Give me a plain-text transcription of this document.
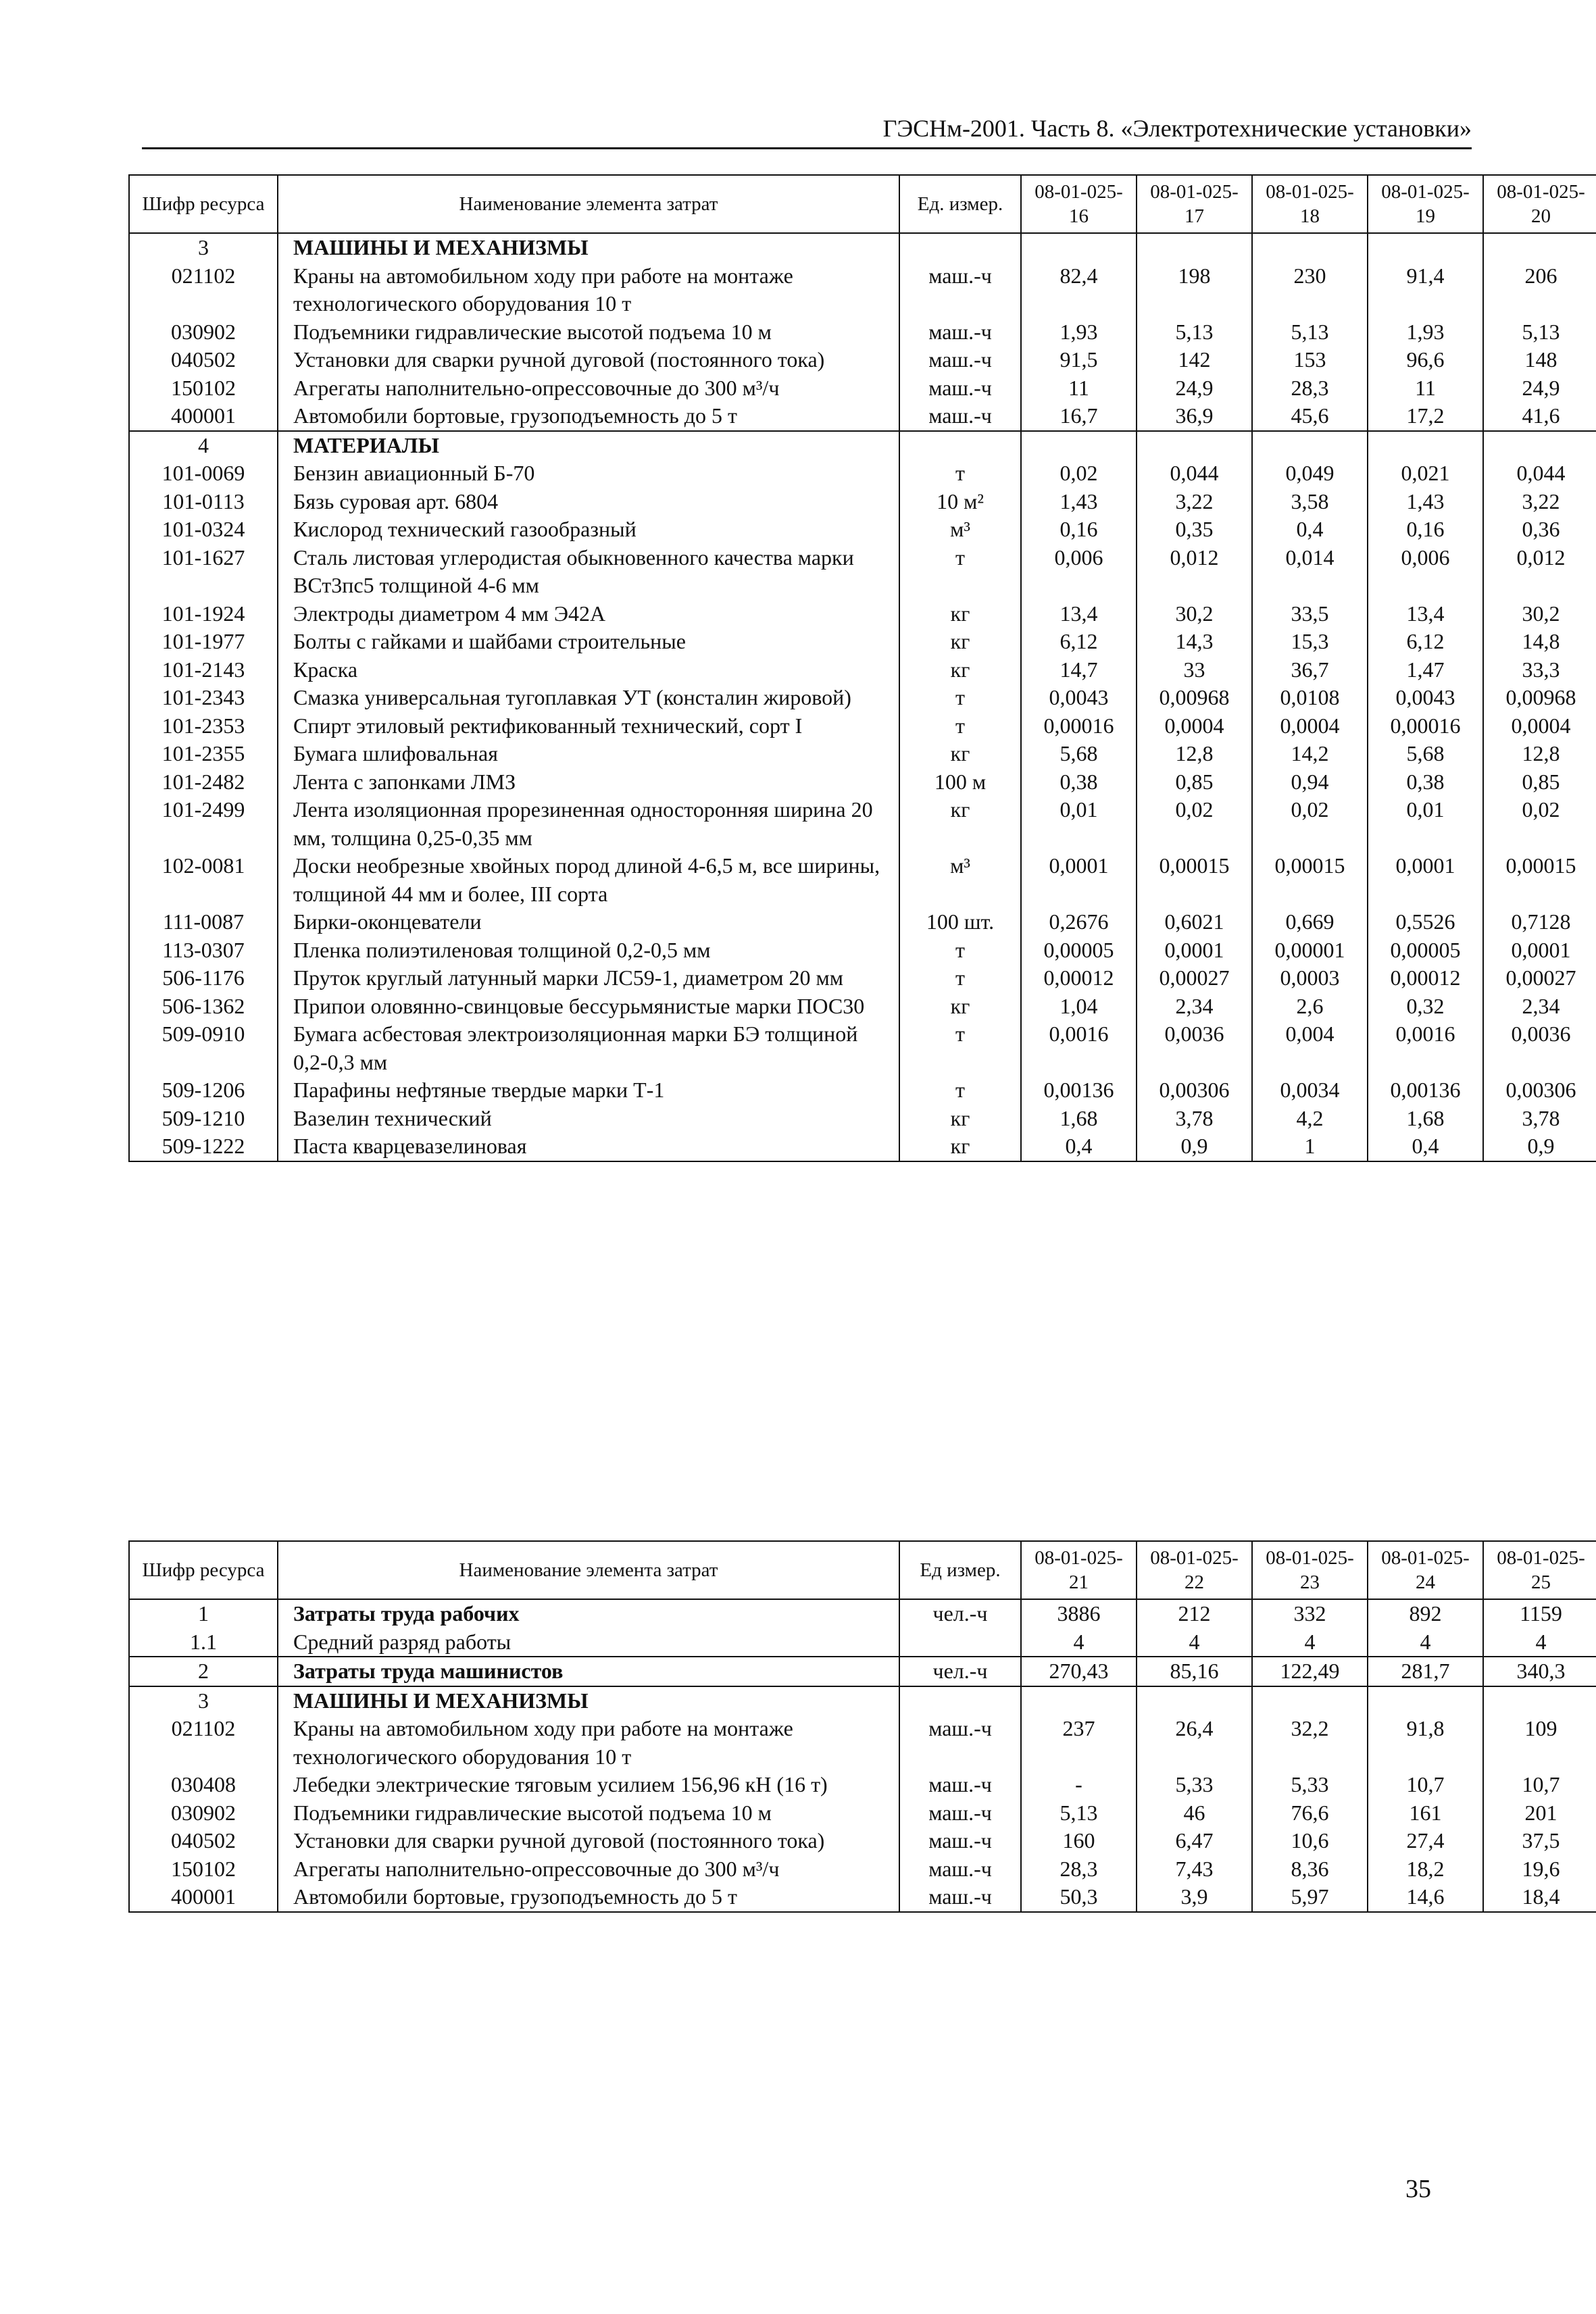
ГЭСНм-2001. Часть 8. «Электротехнические установки»
Шифр ресурса	Наименование элемента затрат	Ед. измер.	08-01-025-16	08-01-025-17	08-01-025-18	08-01-025-19	08-01-025-20
3	МАШИНЫ И МЕХАНИЗМЫ						
021102	Краны на автомобильном ходу при работе на монтаже технологического оборудования 10 т	маш.-ч	82,4	198	230	91,4	206
030902	Подъемники гидравлические высотой подъема 10 м	маш.-ч	1,93	5,13	5,13	1,93	5,13
040502	Установки для сварки ручной дуговой (постоянного тока)	маш.-ч	91,5	142	153	96,6	148
150102	Агрегаты наполнительно-опрессовочные до 300 м³/ч	маш.-ч	11	24,9	28,3	11	24,9
400001	Автомобили бортовые, грузоподъемность до 5 т	маш.-ч	16,7	36,9	45,6	17,2	41,6
4	МАТЕРИАЛЫ						
101-0069	Бензин авиационный Б-70	т	0,02	0,044	0,049	0,021	0,044
101-0113	Бязь суровая арт. 6804	10 м²	1,43	3,22	3,58	1,43	3,22
101-0324	Кислород технический газообразный	м³	0,16	0,35	0,4	0,16	0,36
101-1627	Сталь листовая углеродистая обыкновенного качества марки ВСт3пс5 толщиной 4-6 мм	т	0,006	0,012	0,014	0,006	0,012
101-1924	Электроды диаметром 4 мм Э42А	кг	13,4	30,2	33,5	13,4	30,2
101-1977	Болты с гайками и шайбами строительные	кг	6,12	14,3	15,3	6,12	14,8
101-2143	Краска	кг	14,7	33	36,7	1,47	33,3
101-2343	Смазка универсальная тугоплавкая УТ (консталин жировой)	т	0,0043	0,00968	0,0108	0,0043	0,00968
101-2353	Спирт этиловый ректификованный технический, сорт I	т	0,00016	0,0004	0,0004	0,00016	0,0004
101-2355	Бумага шлифовальная	кг	5,68	12,8	14,2	5,68	12,8
101-2482	Лента с запонками ЛМЗ	100 м	0,38	0,85	0,94	0,38	0,85
101-2499	Лента изоляционная прорезиненная односторонняя ширина 20 мм, толщина 0,25-0,35 мм	кг	0,01	0,02	0,02	0,01	0,02
102-0081	Доски необрезные хвойных пород длиной 4-6,5 м, все ширины, толщиной 44 мм и более, III сорта	м³	0,0001	0,00015	0,00015	0,0001	0,00015
111-0087	Бирки-оконцеватели	100 шт.	0,2676	0,6021	0,669	0,5526	0,7128
113-0307	Пленка полиэтиленовая толщиной 0,2-0,5 мм	т	0,00005	0,0001	0,00001	0,00005	0,0001
506-1176	Пруток круглый латунный марки ЛС59-1, диаметром 20 мм	т	0,00012	0,00027	0,0003	0,00012	0,00027
506-1362	Припои оловянно-свинцовые бессурьмянистые марки ПОС30	кг	1,04	2,34	2,6	0,32	2,34
509-0910	Бумага асбестовая электроизоляционная марки БЭ толщиной 0,2-0,3 мм	т	0,0016	0,0036	0,004	0,0016	0,0036
509-1206	Парафины нефтяные твердые марки Т-1	т	0,00136	0,00306	0,0034	0,00136	0,00306
509-1210	Вазелин технический	кг	1,68	3,78	4,2	1,68	3,78
509-1222	Паста кварцевазелиновая	кг	0,4	0,9	1	0,4	0,9
Шифр ресурса	Наименование элемента затрат	Ед измер.	08-01-025-21	08-01-025-22	08-01-025-23	08-01-025-24	08-01-025-25
1	Затраты труда рабочих	чел.-ч	3886	212	332	892	1159
1.1	Средний разряд работы		4	4	4	4	4
2	Затраты труда машинистов	чел.-ч	270,43	85,16	122,49	281,7	340,3
3	МАШИНЫ И МЕХАНИЗМЫ						
021102	Краны на автомобильном ходу при работе на монтаже технологического оборудования 10 т	маш.-ч	237	26,4	32,2	91,8	109
030408	Лебедки электрические тяговым усилием 156,96 кН (16 т)	маш.-ч	-	5,33	5,33	10,7	10,7
030902	Подъемники гидравлические высотой подъема 10 м	маш.-ч	5,13	46	76,6	161	201
040502	Установки для сварки ручной дуговой (постоянного тока)	маш.-ч	160	6,47	10,6	27,4	37,5
150102	Агрегаты наполнительно-опрессовочные до 300 м³/ч	маш.-ч	28,3	7,43	8,36	18,2	19,6
400001	Автомобили бортовые, грузоподъемность до 5 т	маш.-ч	50,3	3,9	5,97	14,6	18,4
35
